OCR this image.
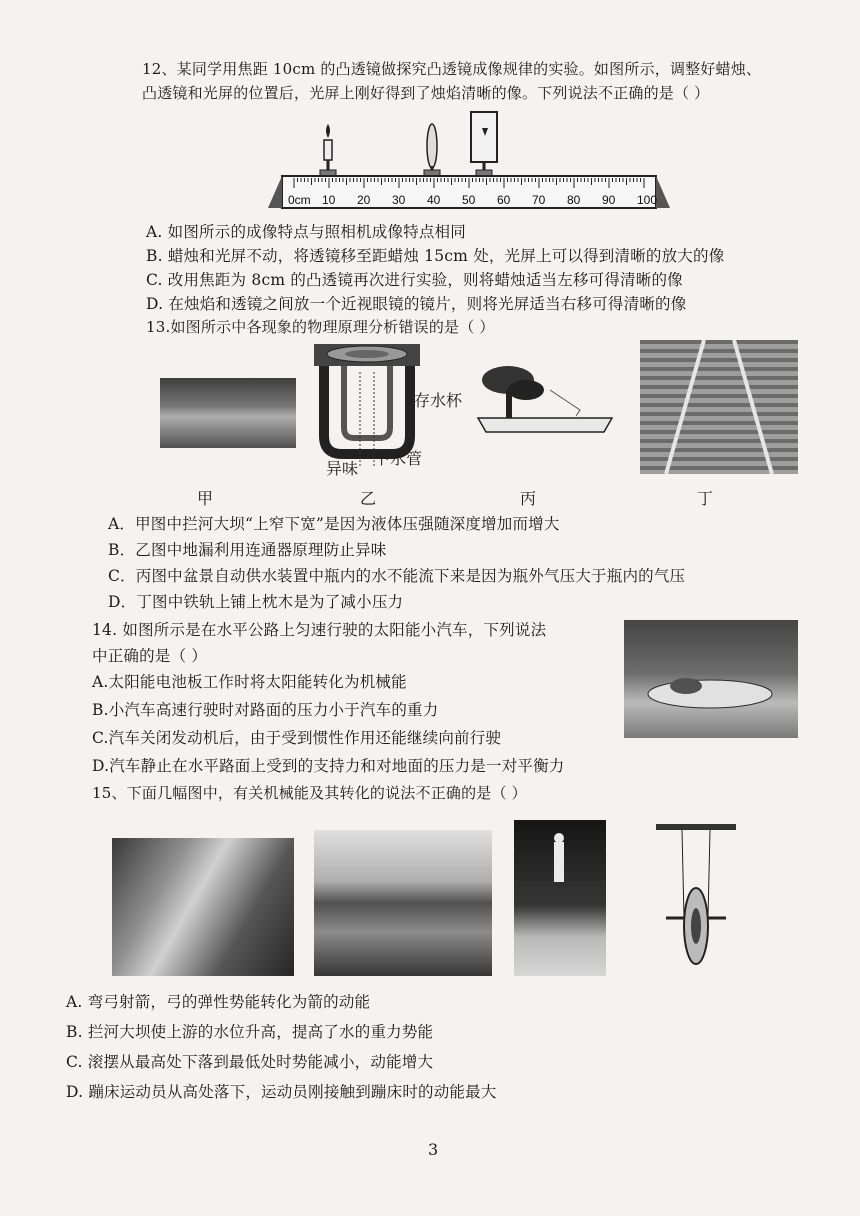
12、某同学用焦距 10cm 的凸透镜做探究凸透镜成像规律的实验。如图所示，调整好蜡烛、
凸透镜和光屏的位置后，光屏上刚好得到了烛焰清晰的像。下列说法不正确的是（ ）
0cm 10 20 30 40 50 60 70 80 90 100
A. 如图所示的成像特点与照相机成像特点相同
B. 蜡烛和光屏不动，将透镜移至距蜡烛 15cm 处，光屏上可以得到清晰的放大的像
C. 改用焦距为 8cm 的凸透镜再次进行实验，则将蜡烛适当左移可得清晰的像
D. 在烛焰和透镜之间放一个近视眼镜的镜片，则将光屏适当右移可得清晰的像
13.如图所示中各现象的物理原理分析错误的是（ ）
存水杯
异味
下水管
甲	乙	丙	丁
A．甲图中拦河大坝“上窄下宽”是因为液体压强随深度增加而增大
B．乙图中地漏利用连通器原理防止异味
C．丙图中盆景自动供水装置中瓶内的水不能流下来是因为瓶外气压大于瓶内的气压
D．丁图中铁轨上铺上枕木是为了减小压力
14. 如图所示是在水平公路上匀速行驶的太阳能小汽车，下列说法
中正确的是（ ）
A.太阳能电池板工作时将太阳能转化为机械能
B.小汽车高速行驶时对路面的压力小于汽车的重力
C.汽车关闭发动机后，由于受到惯性作用还能继续向前行驶
D.汽车静止在水平路面上受到的支持力和对地面的压力是一对平衡力
15、下面几幅图中，有关机械能及其转化的说法不正确的是（ ）
A. 弯弓射箭，弓的弹性势能转化为箭的动能
B. 拦河大坝使上游的水位升高，提高了水的重力势能
C. 滚摆从最高处下落到最低处时势能减小，动能增大
D. 蹦床运动员从高处落下，运动员刚接触到蹦床时的动能最大
3
